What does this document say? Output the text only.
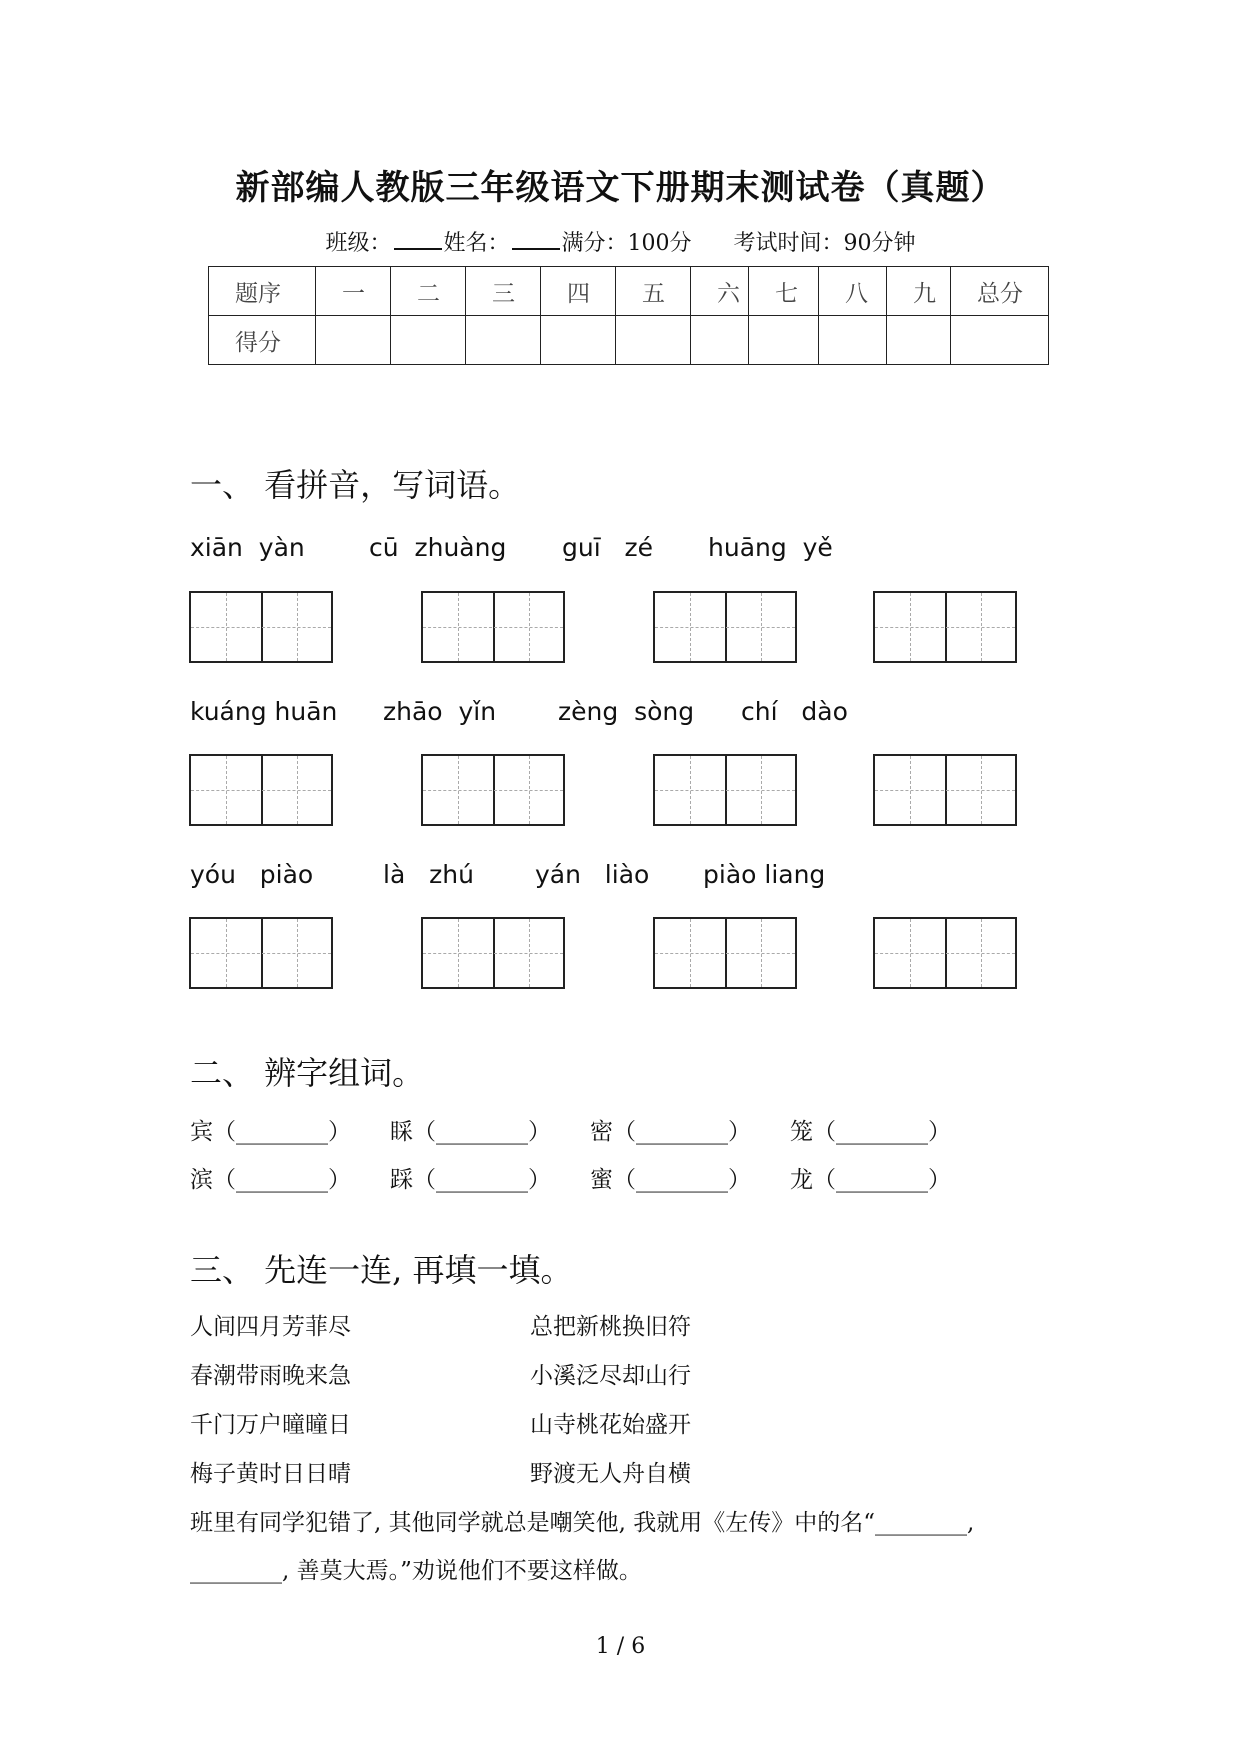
新部编人教版三年级语文下册期末测试卷（真题）
班级： 姓名： 满分：100分 考试时间：90分钟
题序	一	二	三	四	五	六	七	八	九	总分
得分										
一、 看拼音，写词语。
xiān  yàn	cū  zhuàng guī   zé huāng  yě
kuáng huān zhāo  yǐn zèng  sòng chí   dào
yóu   piào	là   zhú yán   liào piào liang
二、 辨字组词。
宾（________） 睬（________） 密（________） 笼（________）
滨（________） 踩（________） 蜜（________） 龙（________）
三、 先连一连, 再填一填。
人间四月芳菲尽	总把新桃换旧符
春潮带雨晚来急	小溪泛尽却山行
千门万户曈曈日	山寺桃花始盛开
梅子黄时日日晴	野渡无人舟自横
班里有同学犯错了, 其他同学就总是嘲笑他, 我就用《左传》中的名“________,
________, 善莫大焉。”劝说他们不要这样做。
1 / 6
